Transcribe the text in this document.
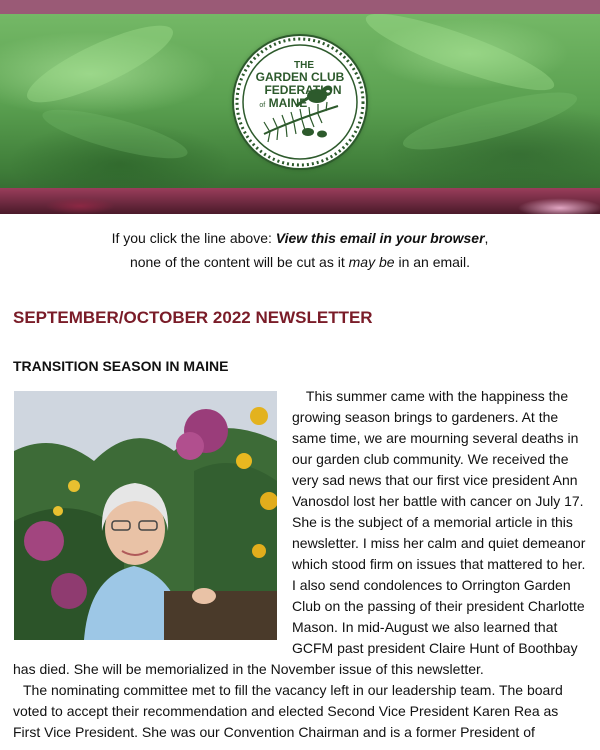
THE
GARDEN CLUB
FEDERATION
of MAINE
If you click the line above: View this email in your browser,
none of the content will be cut as it may be in an email.
SEPTEMBER/OCTOBER 2022 NEWSLETTER
TRANSITION SEASON IN MAINE

This summer came with the happiness the growing season brings to gardeners. At the same time, we are mourning several deaths in our garden club community. We received the very sad news that our first vice president Ann Vanosdol lost her battle with cancer on July 17. She is the subject of a memorial article in this newsletter. I miss her calm and quiet demeanor which stood firm on issues that mattered to her. I also send condolences to Orrington Garden Club on the passing of their president Charlotte Mason. In mid-August we also learned that GCFM past president Claire Hunt of Boothbay has died. She will be memorialized in the November issue of this newsletter.
The nominating committee met to fill the vacancy left in our leadership team. The board voted to accept their recommendation and elected Second Vice President Karen Rea as First Vice President. She was our Convention Chairman and is a former President of
